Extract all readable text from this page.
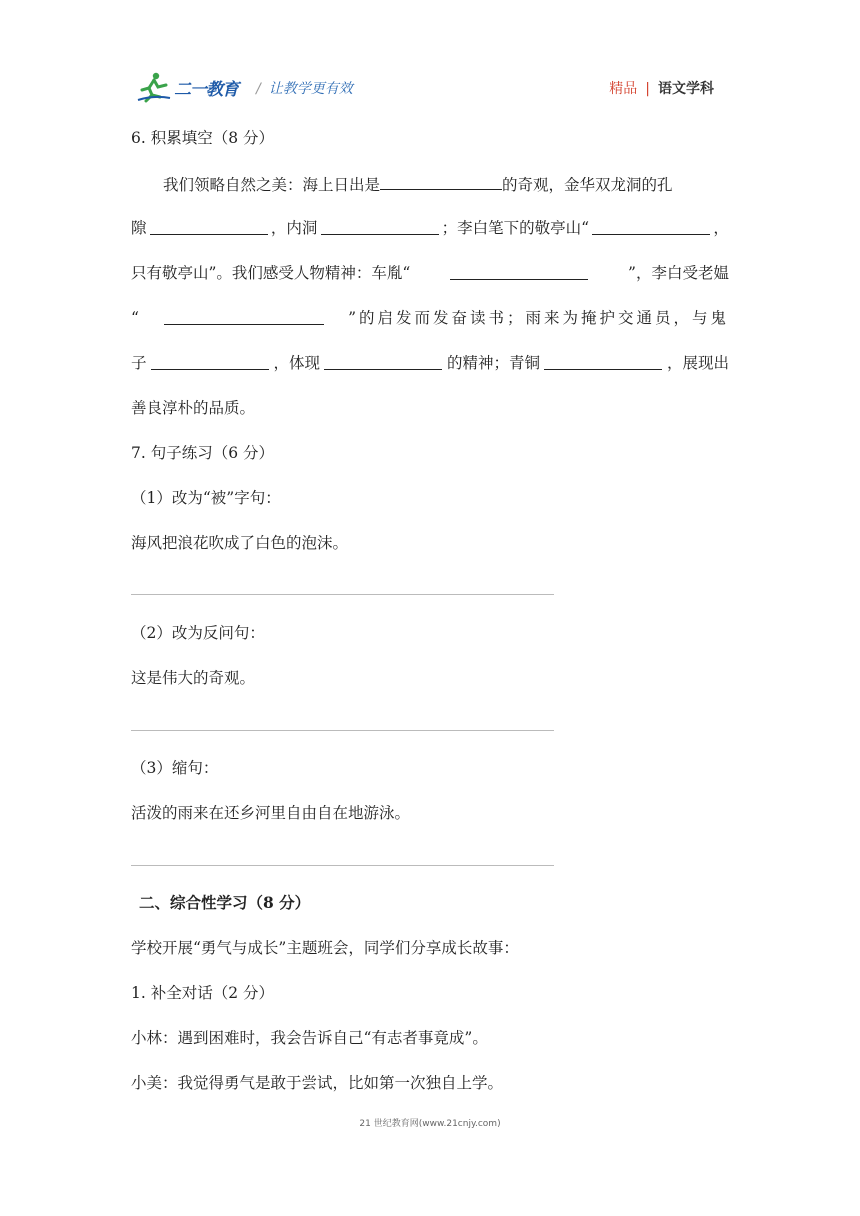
二一教育 / 让教学更有效	精品 | 语文学科
6. 积累填空（8 分）
我们领略自然之美：海上日出是	的奇观，金华双龙洞的孔
隙	，内洞	；李白笔下的敬亭山“	，
只有敬亭山”。我们感受人物精神：车胤“	”，李白受老媪
“	”的启发而发奋读书；雨来为掩护交通员，与鬼
子	，体现	的精神；青铜	，展现出
善良淳朴的品质。
7. 句子练习（6 分）
（1）改为“被”字句：
海风把浪花吹成了白色的泡沫。
（2）改为反问句：
这是伟大的奇观。
（3）缩句：
活泼的雨来在还乡河里自由自在地游泳。
二、综合性学习（8 分）
学校开展“勇气与成长”主题班会，同学们分享成长故事：
1. 补全对话（2 分）
小林：遇到困难时，我会告诉自己“有志者事竟成”。
小美：我觉得勇气是敢于尝试，比如第一次独自上学。
21 世纪教育网(www.21cnjy.com)
